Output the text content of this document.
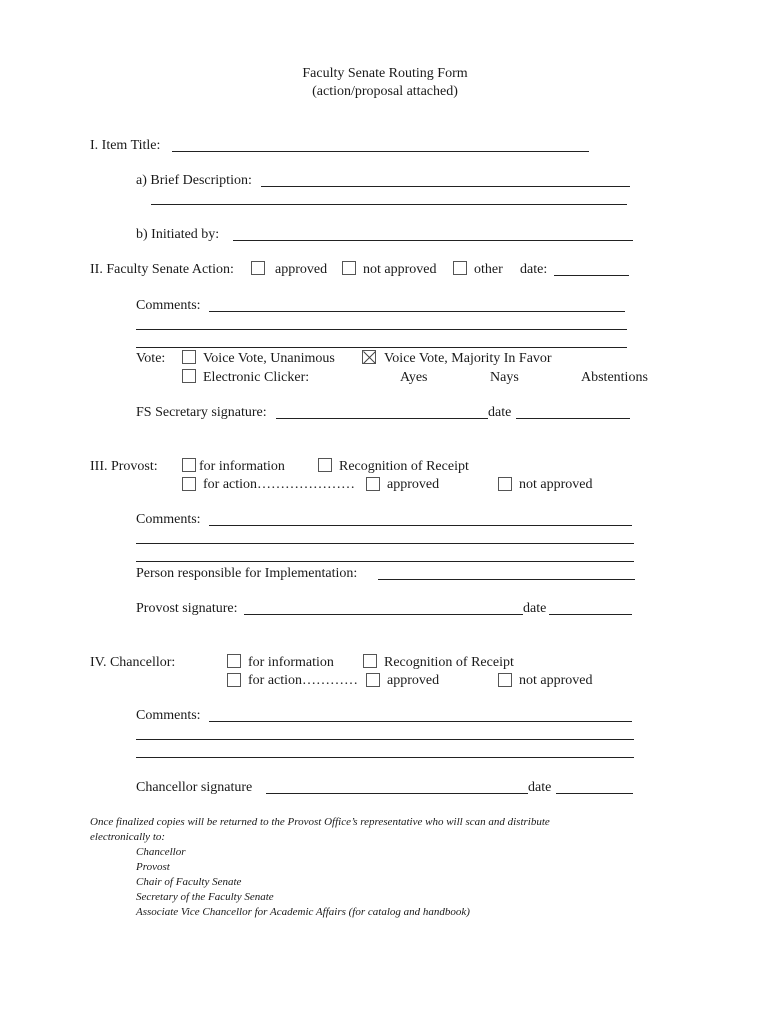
Faculty Senate Routing Form
(action/proposal attached)
I. Item Title:
a) Brief Description:
b) Initiated by:
II. Faculty Senate Action:	approved	not approved	other date:
Comments:
Vote:	Voice Vote, Unanimous	Voice Vote, Majority In Favor
Electronic Clicker:	Ayes	Nays	Abstentions
FS Secretary signature:	date
III. Provost:	for information	Recognition of Receipt
for action………………… approved	not approved
Comments:
Person responsible for Implementation:
Provost signature:	date
IV. Chancellor:	for information	Recognition of Receipt
for action………… approved	not approved
Comments:
Chancellor signature	date
Once finalized copies will be returned to the Provost Office’s representative who will scan and distribute
electronically to:
Chancellor
Provost
Chair of Faculty Senate
Secretary of the Faculty Senate
Associate Vice Chancellor for Academic Affairs (for catalog and handbook)
